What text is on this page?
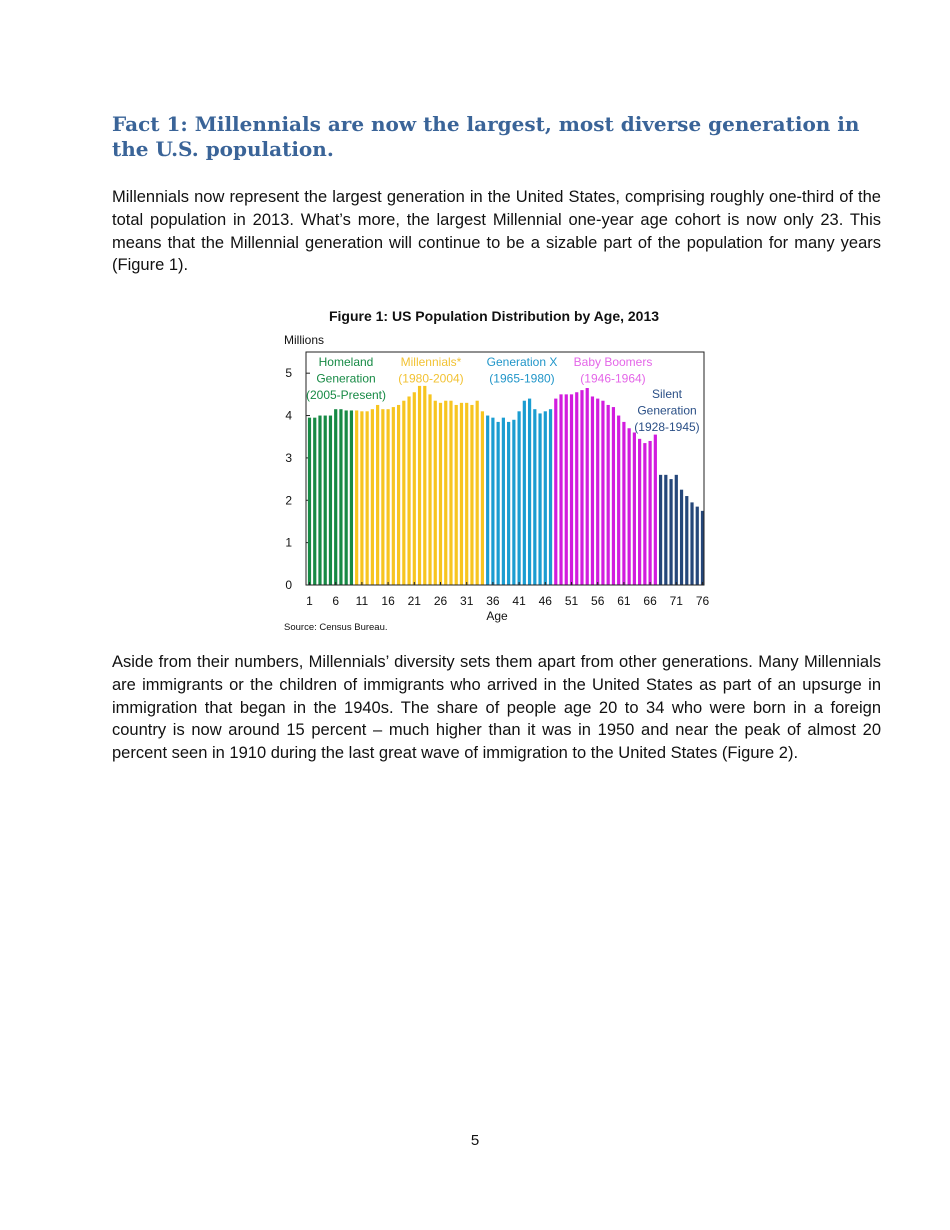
Fact 1: Millennials are now the largest, most diverse generation in the U.S. population.

Millennials now represent the largest generation in the United States, comprising roughly one-third of the total population in 2013. What’s more, the largest Millennial one-year age cohort is now only 23. This means that the Millennial generation will continue to be a sizable part of the population for many years (Figure 1).

Figure 1: US Population Distribution by Age, 2013
Millions
0
1
2
3
4
5
Homeland Generation (2005-Present)
Millennials* (1980-2004)
Generation X (1965-1980)
Baby Boomers (1946-1964)
Silent Generation (1928-1945)
1 6 11 16 21 26 31 36 41 46 51 56 61 66 71 76
Age
Source: Census Bureau.

Aside from their numbers, Millennials’ diversity sets them apart from other generations. Many Millennials are immigrants or the children of immigrants who arrived in the United States as part of an upsurge in immigration that began in the 1940s. The share of people age 20 to 34 who were born in a foreign country is now around 15 percent – much higher than it was in 1950 and near the peak of almost 20 percent seen in 1910 during the last great wave of immigration to the United States (Figure 2).

5
